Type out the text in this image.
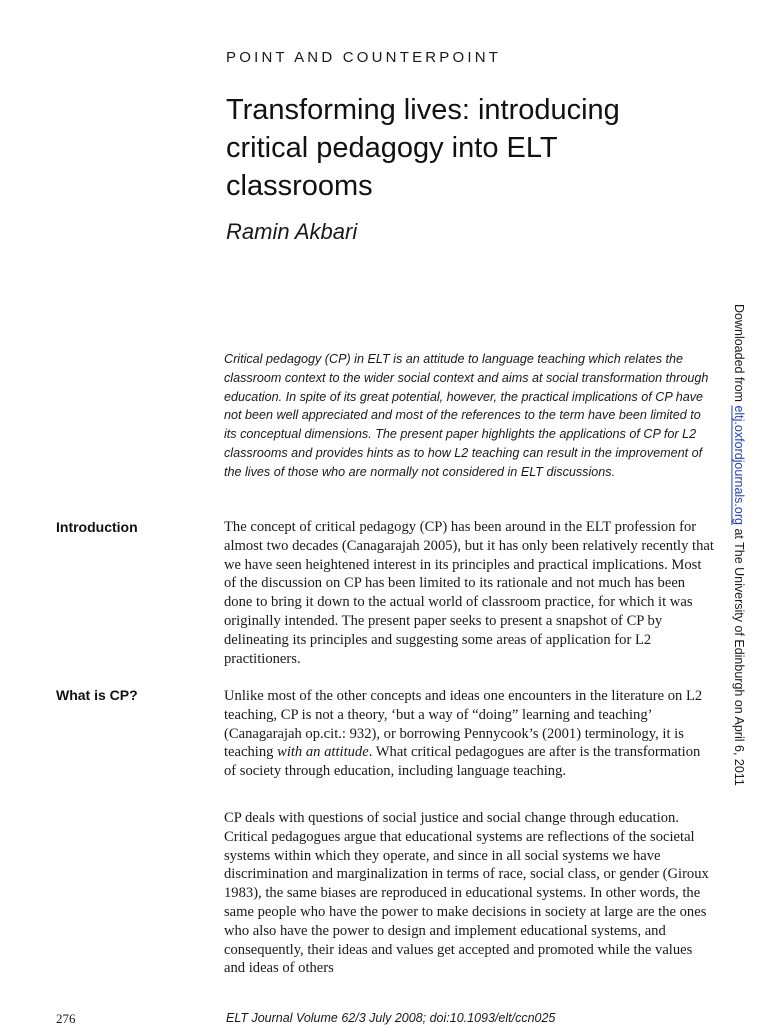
POINT AND COUNTERPOINT
Transforming lives: introducing critical pedagogy into ELT classrooms
Ramin Akbari

Critical pedagogy (CP) in ELT is an attitude to language teaching which relates the classroom context to the wider social context and aims at social transformation through education. In spite of its great potential, however, the practical implications of CP have not been well appreciated and most of the references to the term have been limited to its conceptual dimensions. The present paper highlights the applications of CP for L2 classrooms and provides hints as to how L2 teaching can result in the improvement of the lives of those who are normally not considered in ELT discussions.

Introduction	The concept of critical pedagogy (CP) has been around in the ELT profession for almost two decades (Canagarajah 2005), but it has only been relatively recently that we have seen heightened interest in its principles and practical implications. Most of the discussion on CP has been limited to its rationale and not much has been done to bring it down to the actual world of classroom practice, for which it was originally intended. The present paper seeks to present a snapshot of CP by delineating its principles and suggesting some areas of application for L2 practitioners.

What is CP?	Unlike most of the other concepts and ideas one encounters in the literature on L2 teaching, CP is not a theory, ‘but a way of “doing” learning and teaching’ (Canagarajah op.cit.: 932), or borrowing Pennycook’s (2001) terminology, it is teaching with an attitude. What critical pedagogues are after is the transformation of society through education, including language teaching.

CP deals with questions of social justice and social change through education. Critical pedagogues argue that educational systems are reflections of the societal systems within which they operate, and since in all social systems we have discrimination and marginalization in terms of race, social class, or gender (Giroux 1983), the same biases are reproduced in educational systems. In other words, the same people who have the power to make decisions in society at large are the ones who also have the power to design and implement educational systems, and consequently, their ideas and values get accepted and promoted while the values and ideas of others

Downloaded from eltj.oxfordjournals.org at The University of Edinburgh on April 6, 2011
276	ELT Journal Volume 62/3 July 2008; doi:10.1093/elt/ccn025
